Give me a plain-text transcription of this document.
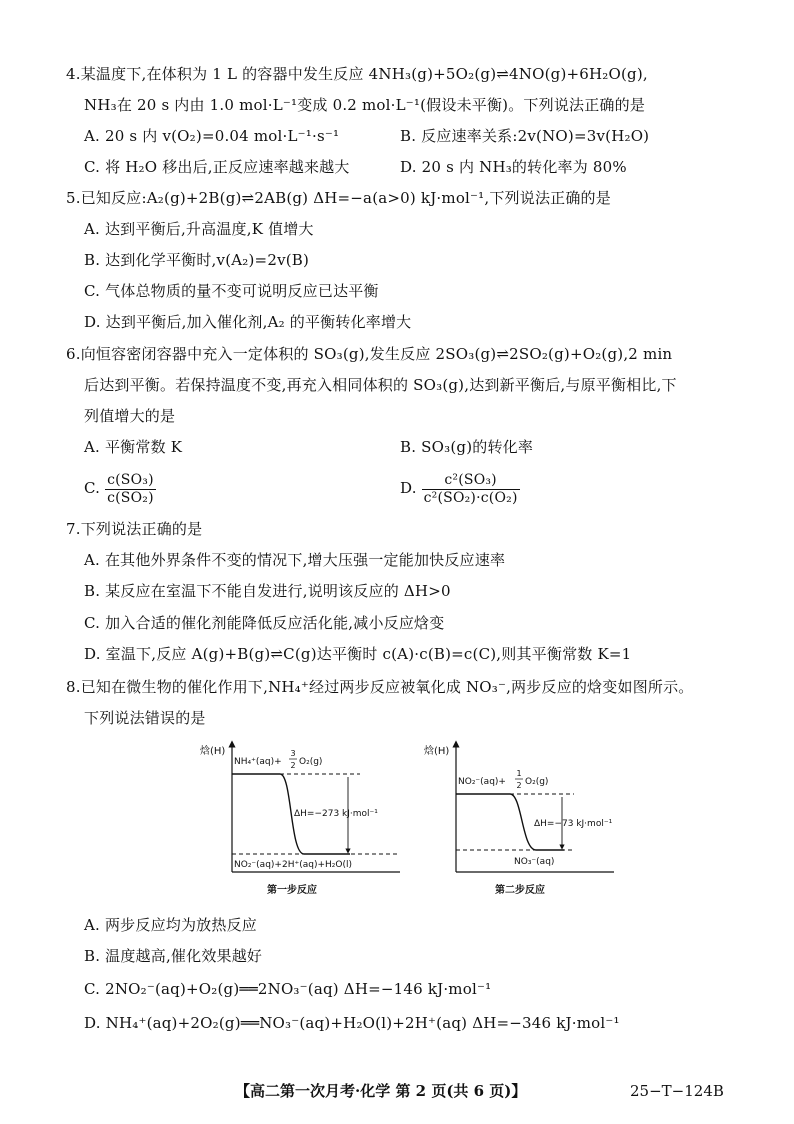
4.某温度下,在体积为 1 L 的容器中发生反应 4NH₃(g)+5O₂(g)⇌4NO(g)+6H₂O(g),
NH₃在 20 s 内由 1.0 mol·L⁻¹变成 0.2 mol·L⁻¹(假设未平衡)。下列说法正确的是
A. 20 s 内 v(O₂)=0.04 mol·L⁻¹·s⁻¹	B. 反应速率关系:2v(NO)=3v(H₂O)
C. 将 H₂O 移出后,正反应速率越来越大	D. 20 s 内 NH₃的转化率为 80%
5.已知反应:A₂(g)+2B(g)⇌2AB(g) ΔH=−a(a>0) kJ·mol⁻¹,下列说法正确的是
A. 达到平衡后,升高温度,K 值增大
B. 达到化学平衡时,v(A₂)=2v(B)
C. 气体总物质的量不变可说明反应已达平衡
D. 达到平衡后,加入催化剂,A₂ 的平衡转化率增大
6.向恒容密闭容器中充入一定体积的 SO₃(g),发生反应 2SO₃(g)⇌2SO₂(g)+O₂(g),2 min
后达到平衡。若保持温度不变,再充入相同体积的 SO₃(g),达到新平衡后,与原平衡相比,下
列值增大的是
A. 平衡常数 K	B. SO₃(g)的转化率
C. $\frac{\text{c(SO₃)}}{\text{c(SO₂)}}$	D. $\frac{\text{c²(SO₃)}}{\text{c²(SO₂)·c(O₂)}}$
7.下列说法正确的是
A. 在其他外界条件不变的情况下,增大压强一定能加快反应速率
B. 某反应在室温下不能自发进行,说明该反应的 ΔH>0
C. 加入合适的催化剂能降低反应活化能,减小反应焓变
D. 室温下,反应 A(g)+B(g)⇌C(g)达平衡时 c(A)·c(B)=c(C),则其平衡常数 K=1
8.已知在微生物的催化作用下,NH₄⁺经过两步反应被氧化成 NO₃⁻,两步反应的焓变如图所示。
下列说法错误的是
焓(H)
NH₄⁺(aq)+
3
2 O₂(g)
ΔH=−273 kJ·mol⁻¹
NO₂⁻(aq)+2H⁺(aq)+H₂O(l)
第一步反应
焓(H)
NO₂⁻(aq)+
1
2 O₂(g)
ΔH=−73 kJ·mol⁻¹
NO₃⁻(aq)
第二步反应
A. 两步反应均为放热反应
B. 温度越高,催化效果越好
C. 2NO₂⁻(aq)+O₂(g)══2NO₃⁻(aq) ΔH=−146 kJ·mol⁻¹
D. NH₄⁺(aq)+2O₂(g)══NO₃⁻(aq)+H₂O(l)+2H⁺(aq) ΔH=−346 kJ·mol⁻¹
【高二第一次月考·化学 第 2 页(共 6 页)】	25−T−124B
